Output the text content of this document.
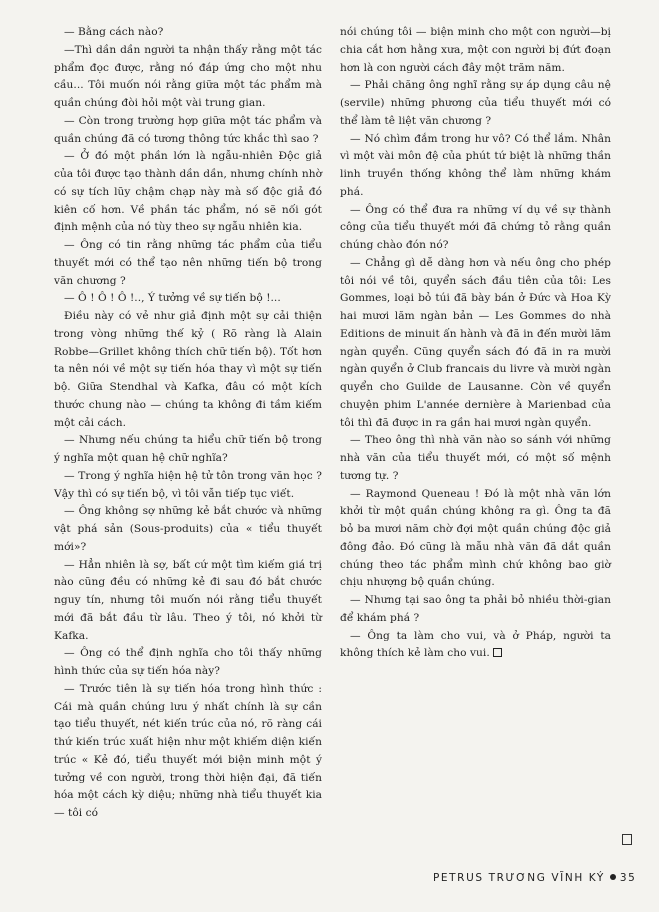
— Bằng cách nào?

—Thì dần dần người ta nhận thấy rằng một tác phẩm đọc được, rằng nó đáp ứng cho một nhu cầu... Tôi muốn nói rằng giữa một tác phẩm mà quần chúng đòi hỏi một vài trung gian.

— Còn trong trường hợp giữa một tác phẩm và quần chúng đã có tương thông tức khắc thì sao ?

— Ở đó một phần lớn là ngẫu-nhiên Độc giả của tôi được tạo thành dần dần, nhưng chính nhờ có sự tích lũy chậm chạp này mà số độc giả đó kiên cố hơn. Về phần tác phẩm, nó sẽ nối gót định mệnh của nó tùy theo sự ngẫu nhiên kia.

— Ông có tin rằng những tác phẩm của tiểu thuyết mới có thể tạo nên những tiến bộ trong văn chương ?

— Ô ! Ô ! Ô !.., Ý tưởng về sự tiến bộ !...

Điều này có vẻ như giả định một sự cải thiện trong vòng những thế kỷ ( Rõ ràng là Alain Robbe—Grillet không thích chữ tiến bộ). Tốt hơn ta nên nói về một sự tiến hóa thay vì một sự tiến bộ. Giữa Stendhal và Kafka, đâu có một kích thước chung nào — chúng ta không đi tầm kiếm một cải cách.

— Nhưng nếu chúng ta hiểu chữ tiến bộ trong ý nghĩa một quan hệ chữ nghĩa?

— Trong ý nghĩa hiện hệ tử tôn trong văn học ? Vậy thì có sự tiến bộ, vì tôi vẫn tiếp tục viết.

— Ông không sợ những kẻ bắt chước và những vật phá sản (Sous-produits) của « tiểu thuyết mới»?

— Hẳn nhiên là sợ, bất cứ một tìm kiếm giá trị nào cũng đều có những kẻ đi sau đó bắt chước nguy tín, nhưng tôi muốn nói rằng tiểu thuyết mới đã bắt đầu từ lâu. Theo ý tôi, nó khởi từ Kafka.

— Ông có thể định nghĩa cho tôi thấy những hình thức của sự tiến hóa này?

— Trước tiên là sự tiến hóa trong hình thức : Cái mà quần chúng lưu ý nhất chính là sự cần tạo tiểu thuyết, nét kiến trúc của nó, rõ ràng cái thứ kiến trúc xuất hiện như một khiếm diện kiến trúc « Kẻ đó, tiểu thuyết mới biện minh một ý tưởng về con người, trong thời hiện đại, đã tiến hóa một cách kỳ diệu; những nhà tiểu thuyết kia — tôi có

nói chúng tôi — biện minh cho một con người—bị chia cắt hơn hằng xưa, một con người bị đứt đoạn hơn là con người cách đây một trăm năm.

— Phải chăng ông nghĩ rằng sự áp dụng câu nệ (servile) những phương của tiểu thuyết mới có thể làm tê liệt văn chương ?

— Nó chìm đắm trong hư vô? Có thể lắm. Nhân vì một vài môn đệ của phút tứ biệt là những thần linh truyền thống không thể làm những khám phá.

— Ông có thể đưa ra những ví dụ về sự thành công của tiểu thuyết mới đã chứng tỏ rằng quần chúng chào đón nó?

— Chẳng gì dễ dàng hơn và nếu ông cho phép tôi nói về tôi, quyển sách đầu tiên của tôi: Les Gommes, loại bỏ túi đã bày bán ở Đức và Hoa Kỳ hai mươi lăm ngàn bản — Les Gommes do nhà Editions de minuit ấn hành và đã in đến mười lăm ngàn quyển. Cũng quyển sách đó đã in ra mười ngàn quyển ở Club francais du livre và mười ngàn quyển cho Guilde de Lausanne. Còn về quyển chuyện phim L'année dernière à Marienbad của tôi thì đã được in ra gần hai mươi ngàn quyển.

— Theo ông thì nhà văn nào so sánh với những nhà văn của tiểu thuyết mới, có một số mệnh tương tự. ?

— Raymond Queneau ! Đó là một nhà văn lớn khởi từ một quần chúng không ra gì. Ông ta đã bỏ ba mươi năm chờ đợi một quần chúng độc giả đông đảo. Đó cũng là mẫu nhà văn đã dắt quần chúng theo tác phẩm mình chứ không bao giờ chịu nhượng bộ quần chúng.

— Nhưng tại sao ông ta phải bỏ nhiều thời-gian để khám phá ?

— Ông ta làm cho vui, và ở Pháp, người ta không thích kẻ làm cho vui.

PETRUS TRƯƠNG VĨNH KÝ 35
